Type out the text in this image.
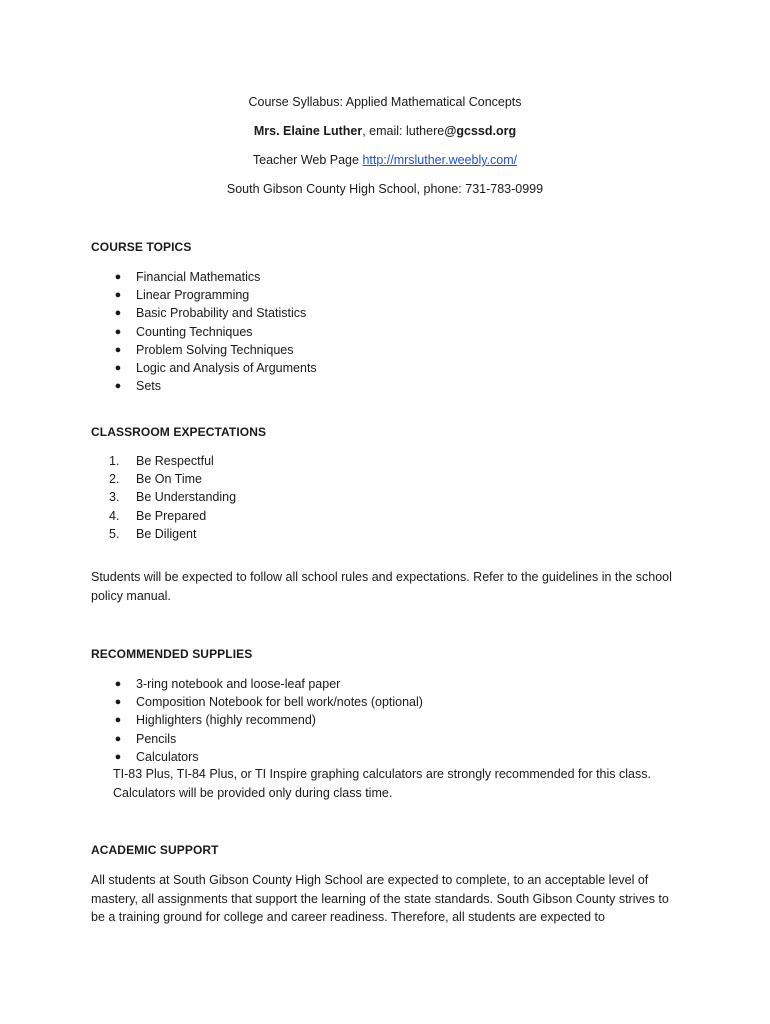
Course Syllabus: Applied Mathematical Concepts
Mrs. Elaine Luther, email: luthere@gcssd.org
Teacher Web Page http://mrsluther.weebly.com/
South Gibson County High School, phone: 731-783-0999
COURSE TOPICS
● Financial Mathematics
● Linear Programming
● Basic Probability and Statistics
● Counting Techniques
● Problem Solving Techniques
● Logic and Analysis of Arguments
● Sets
CLASSROOM EXPECTATIONS
1.	Be Respectful
2.	Be On Time
3.	Be Understanding
4.	Be Prepared
5.	Be Diligent
Students will be expected to follow all school rules and expectations. Refer to the guidelines in the school policy manual.
RECOMMENDED SUPPLIES
● 3-ring notebook and loose-leaf paper
● Composition Notebook for bell work/notes (optional)
● Highlighters (highly recommend)
● Pencils
● Calculators
TI-83 Plus, TI-84 Plus, or TI Inspire graphing calculators are strongly recommended for this class. Calculators will be provided only during class time.
ACADEMIC SUPPORT
All students at South Gibson County High School are expected to complete, to an acceptable level of mastery, all assignments that support the learning of the state standards. South Gibson County strives to be a training ground for college and career readiness. Therefore, all students are expected to
